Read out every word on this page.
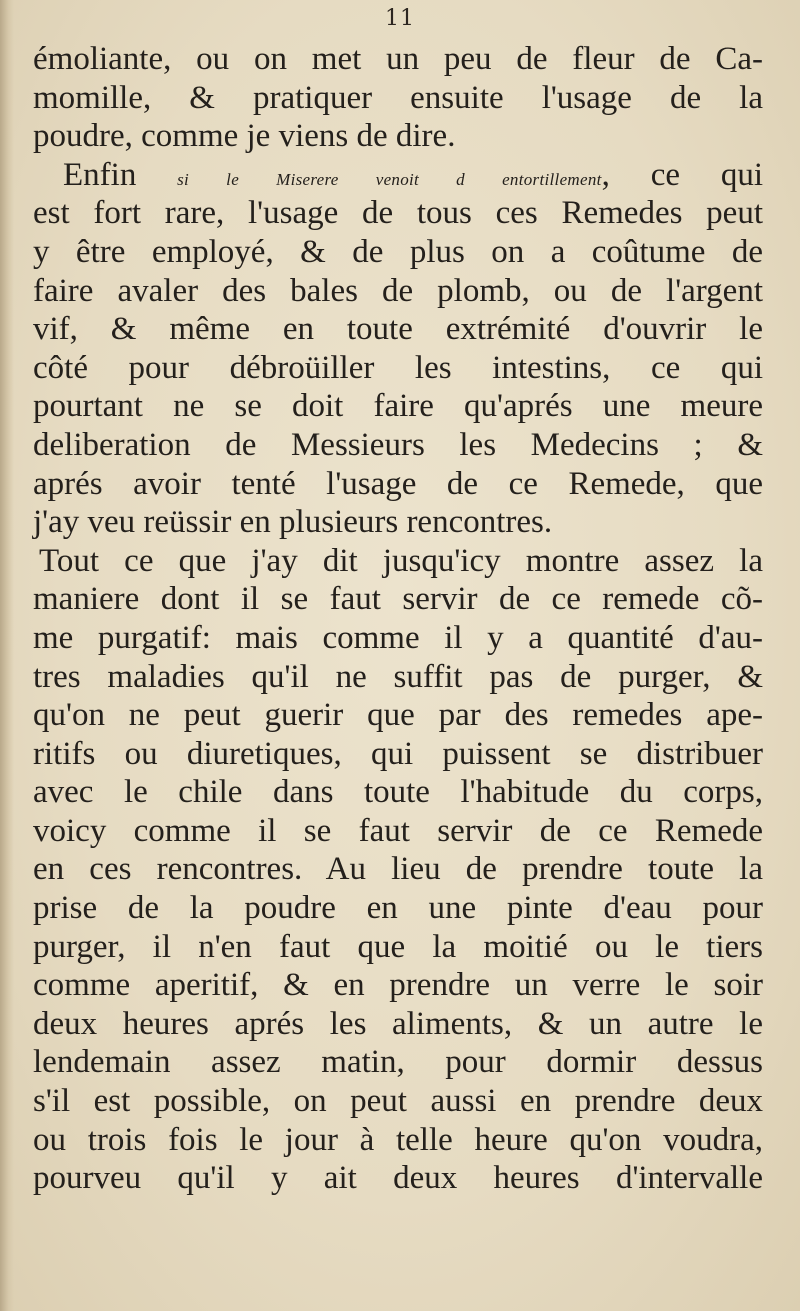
11
émoliante, ou on met un peu de fleur de Ca-
momille, & pratiquer ensuite l'usage de la
poudre, comme je viens de dire.
Enfin si le Miserere venoit d entortillement, ce qui
est fort rare, l'usage de tous ces Remedes peut
y être employé, & de plus on a coûtume de
faire avaler des bales de plomb, ou de l'argent
vif, & même en toute extrémité d'ouvrir le
côté pour débroüiller les intestins, ce qui
pourtant ne se doit faire qu'aprés une meure
deliberation de Messieurs les Medecins ; &
aprés avoir tenté l'usage de ce Remede, que
j'ay veu reüssir en plusieurs rencontres.
Tout ce que j'ay dit jusqu'icy montre assez la
maniere dont il se faut servir de ce remede cõ-
me purgatif: mais comme il y a quantité d'au-
tres maladies qu'il ne suffit pas de purger, &
qu'on ne peut guerir que par des remedes ape-
ritifs ou diuretiques, qui puissent se distribuer
avec le chile dans toute l'habitude du corps,
voicy comme il se faut servir de ce Remede
en ces rencontres. Au lieu de prendre toute la
prise de la poudre en une pinte d'eau pour
purger, il n'en faut que la moitié ou le tiers
comme aperitif, & en prendre un verre le soir
deux heures aprés les aliments, & un autre le
lendemain assez matin, pour dormir dessus
s'il est possible, on peut aussi en prendre deux
ou trois fois le jour à telle heure qu'on voudra,
pourveu qu'il y ait deux heures d'intervalle
